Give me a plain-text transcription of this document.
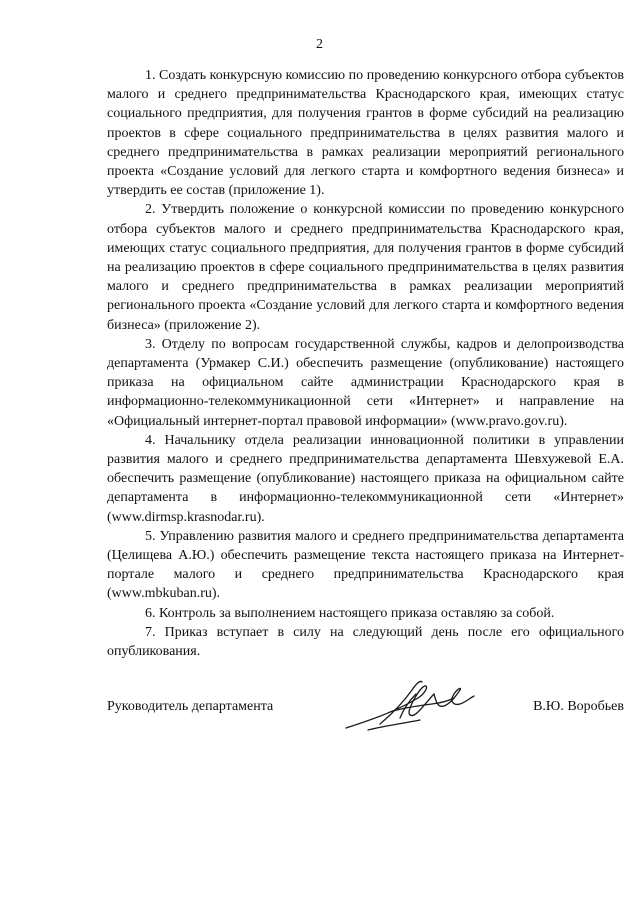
2

1. Создать конкурсную комиссию по проведению конкурсного отбора субъектов малого и среднего предпринимательства Краснодарского края, имеющих статус социального предприятия, для получения грантов в форме субсидий на реализацию проектов в сфере социального предпринимательства в целях развития малого и среднего предпринимательства в рамках реализации мероприятий регионального проекта «Создание условий для легкого старта и комфортного ведения бизнеса» и утвердить ее состав (приложение 1).

2. Утвердить положение о конкурсной комиссии по проведению конкурсного отбора субъектов малого и среднего предпринимательства Краснодарского края, имеющих статус социального предприятия, для получения грантов в форме субсидий на реализацию проектов в сфере социального предпринимательства в целях развития малого и среднего предпринимательства в рамках реализации мероприятий регионального проекта «Создание условий для легкого старта и комфортного ведения бизнеса» (приложение 2).

3. Отделу по вопросам государственной службы, кадров и делопроизводства департамента (Урмакер С.И.) обеспечить размещение (опубликование) настоящего приказа на официальном сайте администрации Краснодарского края в информационно-телекоммуникационной сети «Интернет» и направление на «Официальный интернет-портал правовой информации» (www.pravo.gov.ru).

4. Начальнику отдела реализации инновационной политики в управлении развития малого и среднего предпринимательства департамента Шевхужевой Е.А. обеспечить размещение (опубликование) настоящего приказа на официальном сайте департамента в информационно-телекоммуникационной сети «Интернет» (www.dirmsp.krasnodar.ru).

5. Управлению развития малого и среднего предпринимательства департамента (Целищева А.Ю.) обеспечить размещение текста настоящего приказа на Интернет-портале малого и среднего предпринимательства Краснодарского края (www.mbkuban.ru).

6. Контроль за выполнением настоящего приказа оставляю за собой.

7. Приказ вступает в силу на следующий день после его официального опубликования.

Руководитель департамента	В.Ю. Воробьев
